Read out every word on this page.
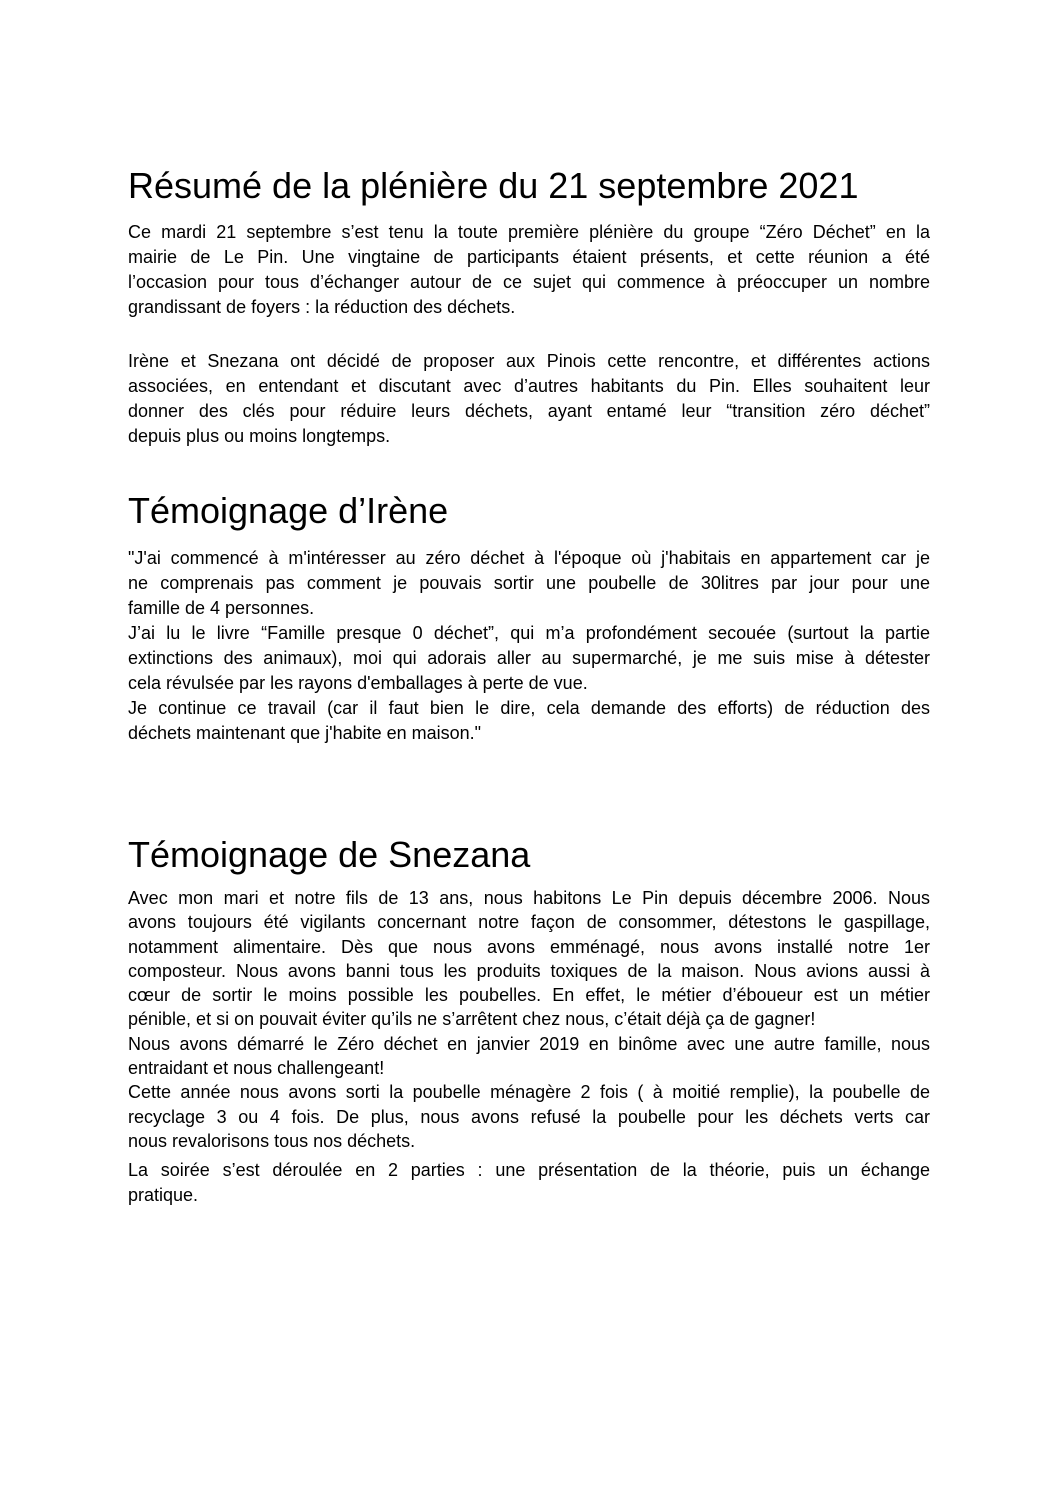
Résumé de la plénière du 21 septembre 2021

Ce mardi 21 septembre s’est tenu la toute première plénière du groupe “Zéro Déchet” en la
mairie de Le Pin. Une vingtaine de participants étaient présents, et cette réunion a été
l’occasion pour tous d’échanger autour de ce sujet qui commence à préoccuper un nombre
grandissant de foyers : la réduction des déchets.

Irène et Snezana ont décidé de proposer aux Pinois cette rencontre, et différentes actions
associées, en entendant et discutant avec d’autres habitants du Pin. Elles souhaitent leur
donner des clés pour réduire leurs déchets, ayant entamé leur “transition zéro déchet”
depuis plus ou moins longtemps.

Témoignage d’Irène

"J'ai commencé à m'intéresser au zéro déchet à l'époque où j'habitais en appartement car je
ne comprenais pas comment je pouvais sortir une poubelle de 30litres par jour pour une
famille de 4 personnes.
J’ai lu le livre “Famille presque 0 déchet”, qui m’a profondément secouée (surtout la partie
extinctions des animaux), moi qui adorais aller au supermarché, je me suis mise à détester
cela révulsée par les rayons d'emballages à perte de vue.
Je continue ce travail (car il faut bien le dire, cela demande des efforts) de réduction des
déchets maintenant que j'habite en maison."

Témoignage de Snezana

Avec mon mari et notre fils de 13 ans, nous habitons Le Pin depuis décembre 2006. Nous
avons toujours été vigilants concernant notre façon de consommer, détestons le gaspillage,
notamment alimentaire. Dès que nous avons emménagé, nous avons installé notre 1er
composteur. Nous avons banni tous les produits toxiques de la maison. Nous avions aussi à
cœur de sortir le moins possible les poubelles. En effet, le métier d’éboueur est un métier
pénible, et si on pouvait éviter qu’ils ne s’arrêtent chez nous, c’était déjà ça de gagner!
Nous avons démarré le Zéro déchet en janvier 2019 en binôme avec une autre famille, nous
entraidant et nous challengeant!
Cette année nous avons sorti la poubelle ménagère 2 fois ( à moitié remplie), la poubelle de
recyclage 3 ou 4 fois. De plus, nous avons refusé la poubelle pour les déchets verts car
nous revalorisons tous nos déchets.

La soirée s’est déroulée en 2 parties : une présentation de la théorie, puis un échange
pratique.
